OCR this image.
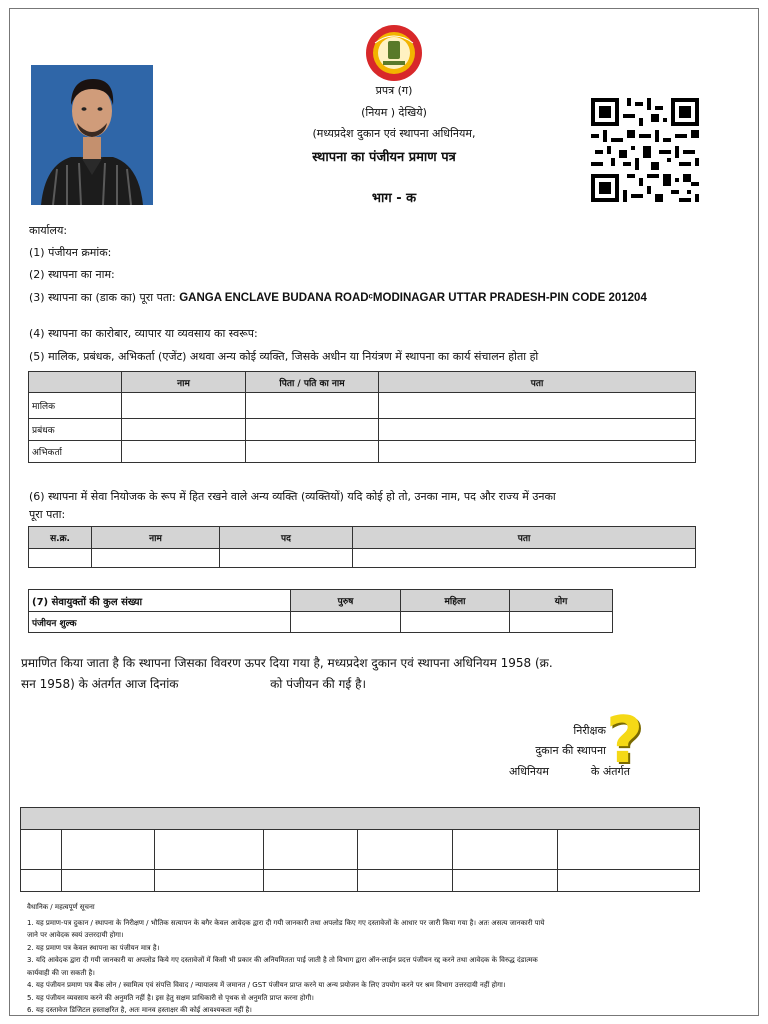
प्रपत्र (ग)
(नियम ) देखिये)
(मध्यप्रदेश दुकान एवं स्थापना अधिनियम,
स्थापना का पंजीयन प्रमाण पत्र
भाग - क
कार्यालय:
(1) पंजीयन क्रमांक:
(2) स्थापना का नाम:
(3) स्थापना का (डाक का) पूरा पता: GANGA ENCLAVE BUDANA ROADᶜMODINAGAR UTTAR PRADESH-PIN CODE 201204
(4) स्थापना का कारोबार, व्यापार या व्यवसाय का स्वरूप:
(5) मालिक, प्रबंधक, अभिकर्ता (एजेंट) अथवा अन्य कोई व्यक्ति, जिसके अधीन या नियंत्रण में स्थापना का कार्य संचालन होता हो
	नाम	पिता / पति का नाम	पता
मालिक			
प्रबंधक			
अभिकर्ता			
(6) स्थापना में सेवा नियोजक के रूप में हित रखने वाले अन्य व्यक्ति (व्यक्तियों) यदि कोई हो तो, उनका नाम, पद और राज्य में उनका
पूरा पता:
स.क्र.	नाम	पद	पता

(7) सेवायुक्तों की कुल संख्या	पुरुष	महिला	योग
पंजीयन शुल्क			
प्रमाणित किया जाता है कि स्थापना जिसका विवरण ऊपर दिया गया है, मध्यप्रदेश दुकान एवं स्थापना अधिनियम 1958 (क्र.
सन 1958) के अंतर्गत आज दिनांक                        को पंजीयन की गई है।
निरीक्षक
दुकान की स्थापना
अधिनियम            के अंतर्गत
?

वैधानिक / महत्वपूर्ण सूचना
1. यह प्रमाण-पत्र दुकान / स्थापना के निरीक्षण / भौतिक सत्यापन के बगैर केवल आवेदक द्वारा दी गयी जानकारी तथा अपलोड किए गए दस्तावेजों के आधार पर जारी किया गया है। अतः असत्य जानकारी पाये
जाने पर आवेदक स्वयं उत्तरदायी होगा।
2. यह प्रमाण पत्र केवल स्थापना का पंजीयन मात्र है।
3. यदि आवेदक द्वारा दी गयी जानकारी या अपलोड किये गए दस्तावेजों में किसी भी प्रकार की अनियमितता पाई जाती है तो विभाग द्वारा ऑन-लाईन प्रदत्त पंजीयन रद्द करने तथा आवेदक के विरुद्ध दंडात्मक
कार्यवाही की जा सकती है।
4. यह पंजीयन प्रमाण पत्र बैंक लोन / स्वामित्व एवं संपत्ति विवाद / न्यायालय में जमानत / GST पंजीयन प्राप्त करने या अन्य प्रयोजन के लिए उपयोग करने पर श्रम विभाग उत्तरदायी नहीं होगा।
5. यह पंजीयन व्यवसाय करने की अनुमति नहीं है। इस हेतु सक्षम प्राधिकारी से पृथक से अनुमति प्राप्त करना होगी।
6. यह दस्तावेज डिजिटल हस्ताक्षरित है, अतः मानव हस्ताक्षर की कोई आवश्यकता नहीं है।
